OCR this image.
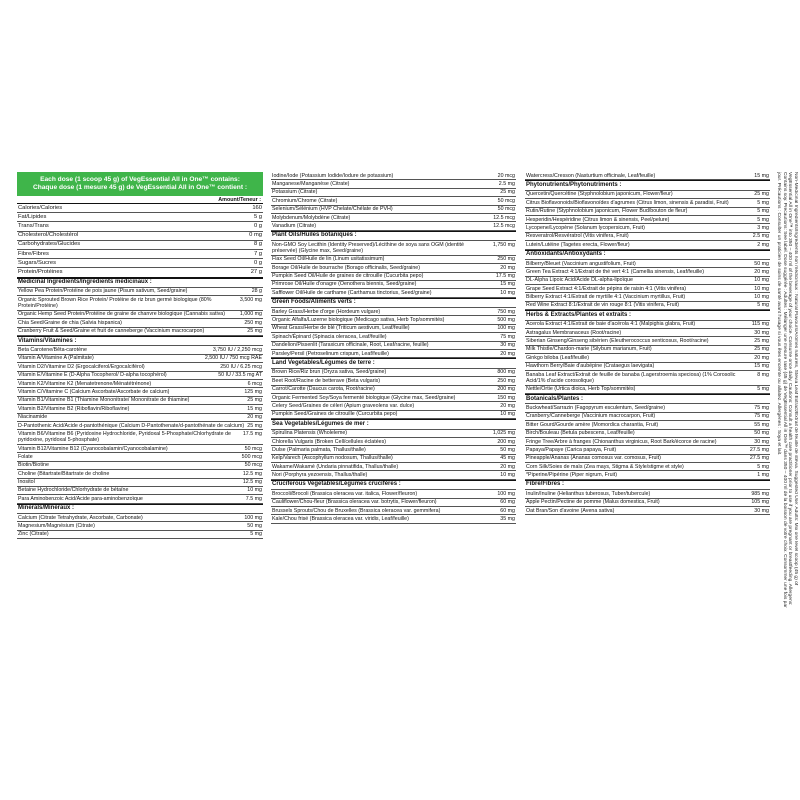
Each dose (1 scoop 45 g) of VegEssential All in One™ contains:
Chaque dose (1 mesure 45 g) de VegEssential All in One™ contient :
Amount/Teneur :
Calories/Calories	160
Fat/Lipides	5 g
Trans/Trans	0 g
Cholesterol/Cholestérol	0 mg
Carbohydrates/Glucides	8 g
Fibre/Fibres	7 g
Sugars/Sucres	0 g
Protein/Protéines	27 g
Medicinal Ingredients/Ingrédients médicinaux :
Yellow Pea Protein/Protéine de pois jaune (Pisum sativum, Seed/graine)	28 g
Organic Sprouted Brown Rice Protein/ Protéine de riz brun germé biologique (80% Protein/Protéine)
3,500 mg
Organic Hemp Seed Protein/Protéine de graine de chanvre biologique (Cannabis sativa)	1,000 mg
Chia Seed/Graine de chia (Salvia hispanica)	250 mg
Cranberry Fruit & Seed/Graine et fruit de canneberge (Vaccinium macrocarpon)	25 mg
Vitamins/Vitamines :
Beta Carotene/Bêta-carotène	3,750 IU / 2,250 mcg
Vitamin A/Vitamine A (Palmitate)	2,500 IU / 750 mcg RAE
Vitamin D2/Vitamine D2 (Ergocalciferol/Ergocalciférol)	250 IU / 6.25 mcg
Vitamin E/Vitamine E (D-Alpha Tocopherol/ D-alpha tocophérol)	50 IU / 33.5 mg AT
Vitamin K2/Vitamine K2 (Menatetrenone/Ménatétrénone)	6 mcg
Vitamin C/Vitamine C (Calcium Ascorbate/Ascorbate de calcium)	125 mg
Vitamin B1/Vitamine B1 (Thiamine Mononitrate/ Mononitrate de thiamine)	25 mg
Vitamin B2/Vitamine B2 (Riboflavin/Riboflavine)	15 mg
Niacinamide	20 mg
D-Pantothenic Acid/Acide d-pantothénique (Calcium D-Pantothenate/d-pantothénate de calcium) 25 mg
Vitamin B6/Vitamine B6 (Pyridoxine Hydrochloride, Pyridoxal 5-Phosphate/Chlorhydrate de pyridoxine, pyridoxal 5-phosphate)
17.5 mg
Vitamin B12/Vitamine B12 (Cyanocobalamin/Cyanocobalamine)	50 mcg
Folate	500 mcg
Biotin/Biotine	50 mcg
Choline (Bitartrate/Bitartrate de choline	12.5 mg
Inositol	12.5 mg
Betaine Hydrochloride/Chlorhydrate de bétaïne	10 mg
Para Aminobenzoic Acid/Acide para-aminobenzoïque	7.5 mg
Minerals/Minéraux :
Calcium (Citrate Tetrahydrate, Ascorbate, Carbonate)	100 mg
Magnesium/Magnésium (Citrate)	50 mg
Zinc (Citrate)	5 mg
Iodine/Iode (Potassium Iodide/Iodure de potassium)	20 mcg
Manganese/Manganèse (Citrate)	2.5 mg
Potassium (Citrate)	25 mg
Chromium/Chrome (Citrate)	50 mcg
Selenium/Sélénium (HVP Chelate/Chélate de PVH)	50 mcg
Molybdenum/Molybdène (Citrate)	12.5 mcg
Vanadium (Citrate)	12.5 mcg
Plant Oils/Huiles botaniques :
Non-GMO Soy Lecithin (Identity Preserved)/Lécithine de soya sans OGM (identité préservée) (Glycine max, Seed/graine)
1,750 mg
Flax Seed Oil/Huile de lin (Linum usitatissimum)	250 mg
Borage Oil/Huile de bourrache (Borago officinalis, Seed/graine)	20 mg
Pumpkin Seed Oil/Huile de graines de citrouille (Cucurbita pepo)	17.5 mg
Primrose Oil/Huile d'onagre (Oenothera biennis, Seed/graine)	15 mg
Safflower Oil/Huile de carthame (Carthamus tinctorius, Seed/graine)	10 mg
Green Foods/Aliments verts :
Barley Grass/Herbe d'orge (Hordeum vulgare)	750 mg
Organic Alfalfa/Luzerne biologique (Medicago sativa, Herb Top/sommités)	500 mg
Wheat Grass/Herbe de blé (Triticum aestivum, Leaf/feuille)	100 mg
Spinach/Épinard (Spinacia oleracea, Leaf/feuille)	75 mg
Dandelion/Pissenlit (Taraxicum officinale, Root, Leaf/racine, feuille)	30 mg
Parsley/Persil (Petroselinum crispum, Leaf/feuille)	20 mg
Land Vegetables/Légumes de terre :
Brown Rice/Riz brun (Oryza sativa, Seed/graine)	800 mg
Beet Root/Racine de betterave (Beta vulgaris)	250 mg
Carrot/Carotte (Daucus carota, Root/racine)	200 mg
Organic Fermented Soy/Soya fermenté biologique (Glycine max, Seed/graine)	150 mg
Celery Seed/Graines de céleri (Apium graveolens var. dulce)	20 mg
Pumpkin Seed/Graines de citrouille (Curcurbita pepo)	10 mg
Sea Vegetables/Légumes de mer :
Spirulina Platensis (Wholeleme)	1,025 mg
Chlorella Vulgaris (Broken Cell/cellules éclatées)	200 mg
Dulse (Palmaria palmata, Thallus/thalle)	50 mg
Kelp/Varech (Ascophyllum nodosum, Thallus/thalle)	45 mg
Wakame/Wakamé (Undaria pinnatifida, Thallus/thalle)	20 mg
Nori (Porphyra yezoensis, Thallus/thalle)	10 mg
Cruciferous Vegetables/Légumes crucifères :
Broccoli/Brocoli (Brassica oleracea var. italica, Flower/fleuron)	100 mg
Cauliflower/Chou-fleur (Brassica oleracea var. botrytis, Flower/fleuron)	60 mg
Brussels Sprouts/Chou de Bruxelles (Brassica oleracea var. gemmifera)	60 mg
Kale/Chou frisé (Brassica oleracea var. viridis, Leaf/feuille)	35 mg
Watercress/Cresson (Nasturtium officinale, Leaf/feuille)	15 mg
Phytonutrients/Phytonutriments :
Quercetin/Quercétine (Styphnolobium japonicum, Flower/fleur)	25 mg
Citrus Bioflavonoids/Bioflavonoïdes d'agrumes (Citrus limon, sinensis & paradisi, Fruit)	5 mg
Rutin/Rutine (Styphnolobium japonicum, Flower Bud/bouton de fleur)	5 mg
Hesperidin/Hespéridine (Citrus limon & sinensis, Peel/pelure)	5 mg
Lycopene/Lycopène (Solanum lycopersicum, Fruit)	3 mg
Resveratrol/Resvératrol (Vitis vinifera, Fruit)	2.5 mg
Lutein/Lutéine (Tagetes erecta, Flower/fleur)	2 mg
Antioxidants/Antioxydants :
Bilberry/Bleuet (Vaccinium angustifolium, Fruit)	50 mg
Green Tea Extract 4:1/Extrait de thé vert 4:1 (Camellia sinensis, Leaf/feuille)	20 mg
DL-Alpha Lipoic Acid/Acide DL-alpha-lipoïque	10 mg
Grape Seed Extract 4:1/Extrait de pépins de raisin 4:1 (Vitis vinifera)	10 mg
Bilberry Extract 4:1/Extrait de myrtille 4:1 (Vaccinium myrtillus, Fruit)	10 mg
Red Wine Extract 8:1/Extrait de vin rouge 8:1 (Vitis vinifera, Fruit)	5 mg
Herbs & Extracts/Plantes et extraits :
Acerola Extract 4:1/Extrait de baie d'acérola 4:1 (Malpighia glabra, Fruit)	115 mg
Astragalus Membranaceus (Root/racine)	30 mg
Siberian Ginseng/Ginseng sibérien (Eleutherococcus senticosus, Root/racine)	25 mg
Milk Thistle/Chardon-marie (Silybum marianum, Fruit)	25 mg
Ginkgo biloba (Leaf/feuille)	20 mg
Hawthorn Berry/Baie d'aubépine (Crataegus laevigata)	15 mg
Banaba Leaf Extract/Extrait de feuille de banaba (Lagerstroemia speciosa) (1% Corosolic Acid/1% d'acide corosolique)
8 mg
Nettle/Ortie (Urtica dioica, Herb Top/sommités)	5 mg
Botanicals/Plantes :
Buckwheat/Sarrazin (Fagopyrum esculentum, Seed/graine)	75 mg
Cranberry/Canneberge (Vaccinium macrocarpon, Fruit)	75 mg
Bitter Gourd/Gourde amère (Momordica charantia, Fruit)	55 mg
Birch/Bouleau (Betula pubescens, Leaf/feuille)	50 mg
Fringe Tree/Arbre à franges (Chionanthus virginicus, Root Bark/écorce de racine)	30 mg
Papaya/Papaye (Carica papaya, Fruit)	27.5 mg
Pineapple/Ananas (Ananas comosus var. comosus, Fruit)	27.5 mg
Corn Silk/Soies de maïs (Zea mays, Stigma & Style/stigme et style)	5 mg
*Piperine/Pipérine (Piper nigrum, Fruit)	1 mg
Fibre/Fibres :
Inulin/Inuline (Helianthus tuberosus, Tuber/tubercule)	985 mg
Apple Pectin/Pectine de pomme (Malus domestica, Fruit)	105 mg
Oat Bran/Son d'avoine (Avena sativa)	30 mg	Non-Medicinal Ingredients/Ingrédients non médicinaux : Natural Flavours/Arômes naturels, Stevia Leaf Extract/Extrait de feuille de stévia. Suggested Use: Adults: Mix one level scoop (45 g) of VegEssential All in One™ into 350 – 400 ml of the beverage of your choice. Consume once daily. Cautions: Consult a health care practitioner prior to use if you are pregnant or breastfeeding. Allergens: Contains soy. Precautions: See label. Dose suggérée : Adultes : Mélanger une mesure rase (45 g) de VegEssential All in One™ dans 350 – 400 ml de la boisson de votre choix. Consommer une fois par jour. Précautions : Consulter un praticien de soins de santé avant l'usage si vous êtes enceinte ou allaitez. Allergènes : Soya et lait.
